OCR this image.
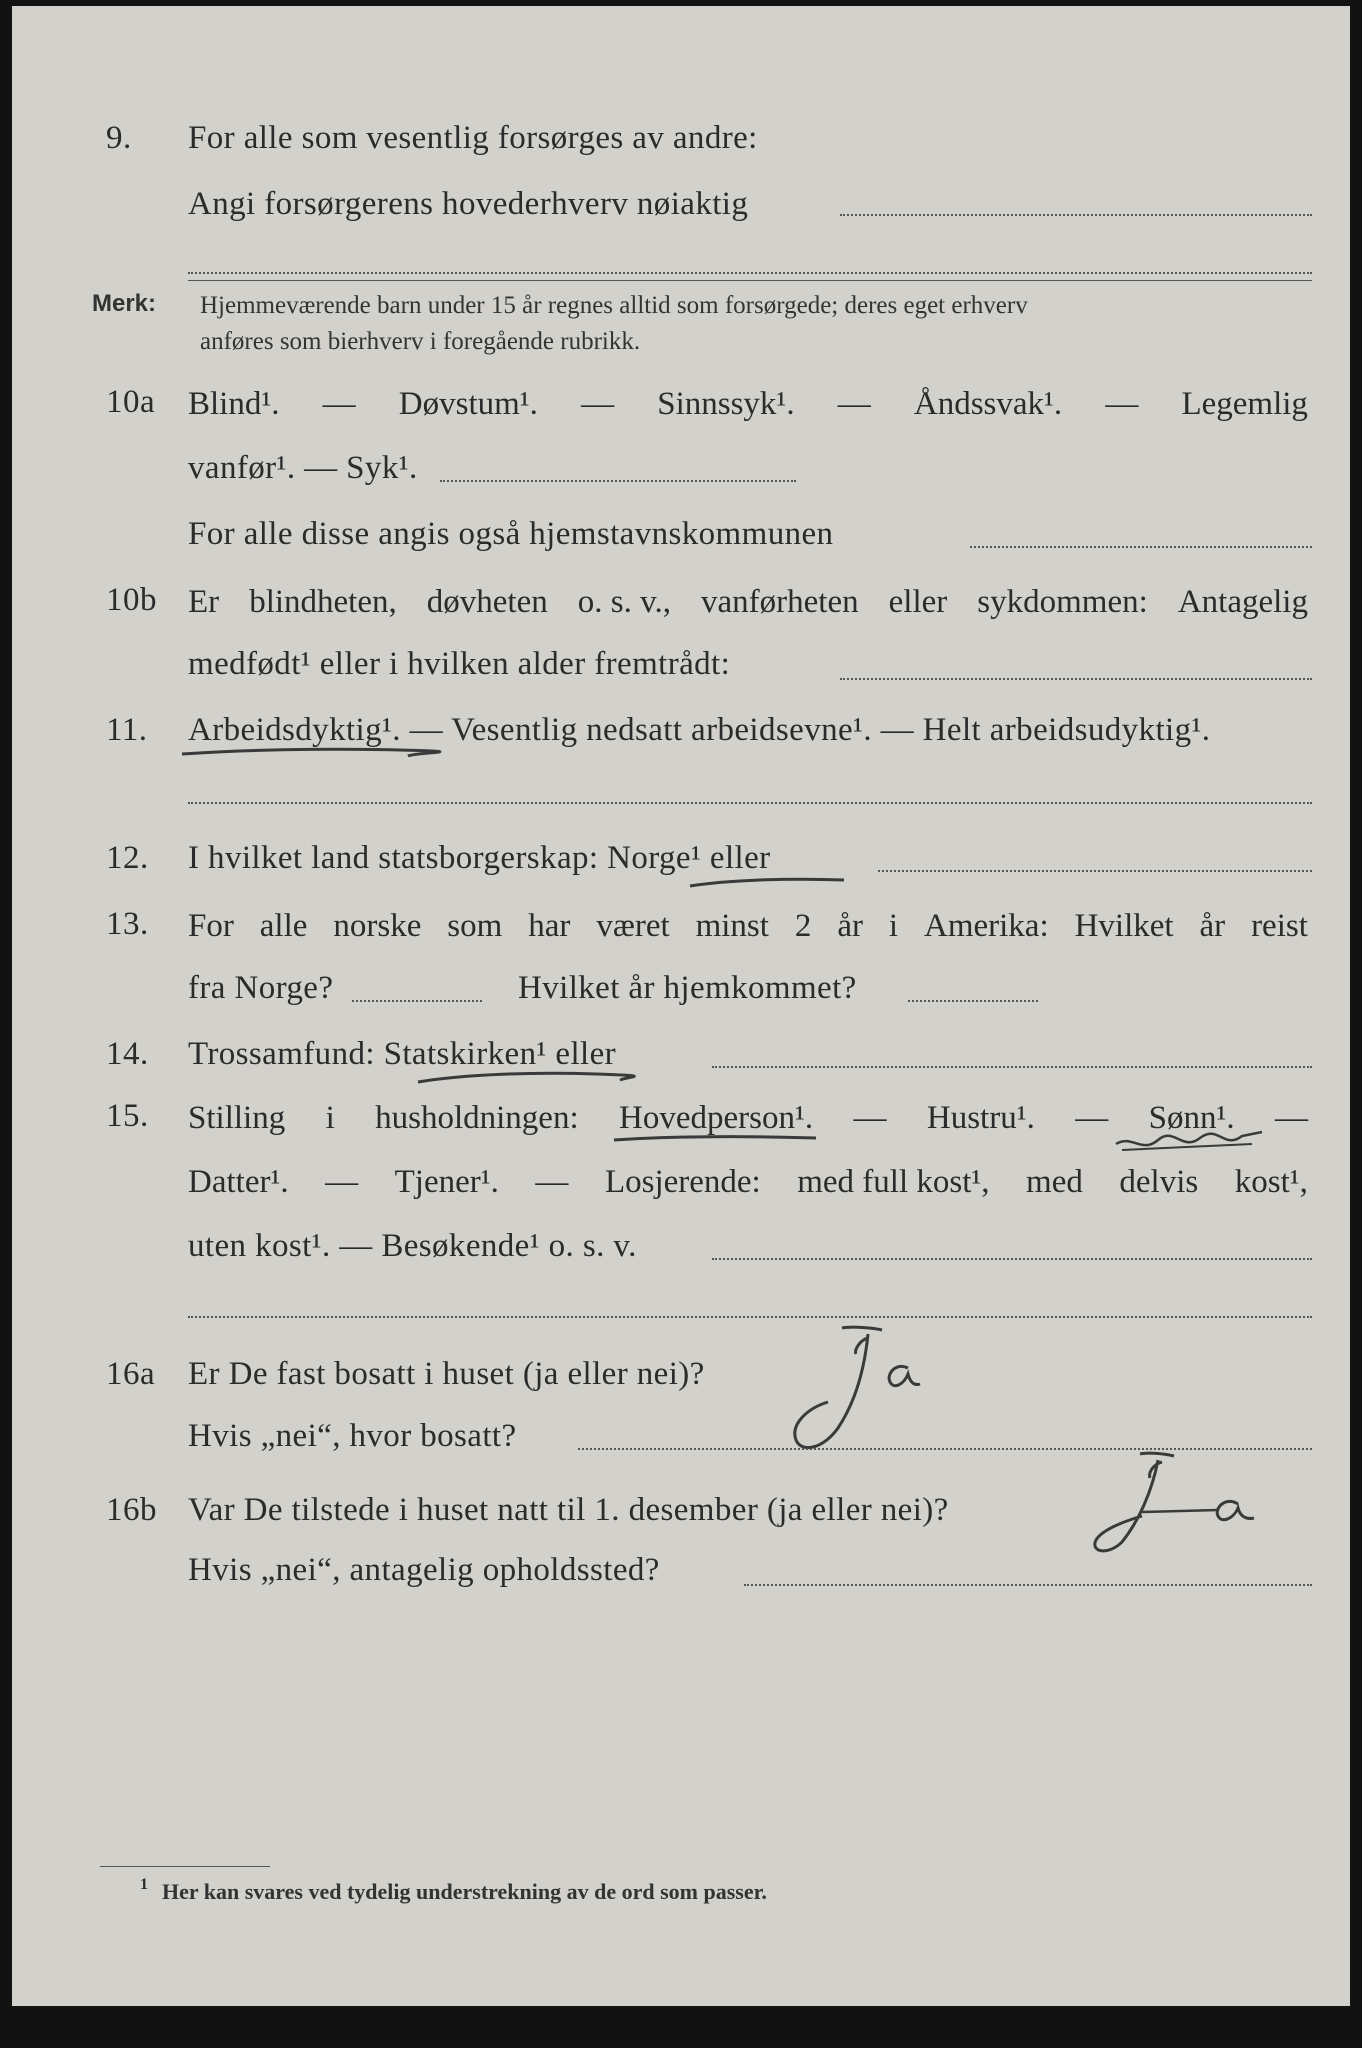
9. For alle som vesentlig forsørges av andre:
Angi forsørgerens hovederhverv nøiaktig
Merk: Hjemmeværende barn under 15 år regnes alltid som forsørgede; deres eget erhverv
anføres som bierhverv i foregående rubrikk.
10a Blind¹. — Døvstum¹. — Sinnssyk¹. — Åndssvak¹. — Legemlig
vanfør¹. — Syk¹.
For alle disse angis også hjemstavnskommunen
10b Er blindheten, døvheten o. s. v., vanførheten eller sykdommen: Antagelig
medfødt¹ eller i hvilken alder fremtrådt:
11. Arbeidsdyktig¹. — Vesentlig nedsatt arbeidsevne¹. — Helt arbeidsudyktig¹.
12. I hvilket land statsborgerskap: Norge¹ eller
13. For alle norske som har været minst 2 år i Amerika: Hvilket år reist
fra Norge?	Hvilket år hjemkommet?
14. Trossamfund: Statskirken¹ eller
15. Stilling i husholdningen: Hovedperson¹. — Hustru¹. — Sønn¹. —
Datter¹. — Tjener¹. — Losjerende: med full kost¹, med delvis kost¹,
uten kost¹. — Besøkende¹ o. s. v.
16a Er De fast bosatt i huset (ja eller nei)?
Ja
Hvis „nei“, hvor bosatt?
16b Var De tilstede i huset natt til 1. desember (ja eller nei)?
Ja
Hvis „nei“, antagelig opholdssted?
1 Her kan svares ved tydelig understrekning av de ord som passer.
